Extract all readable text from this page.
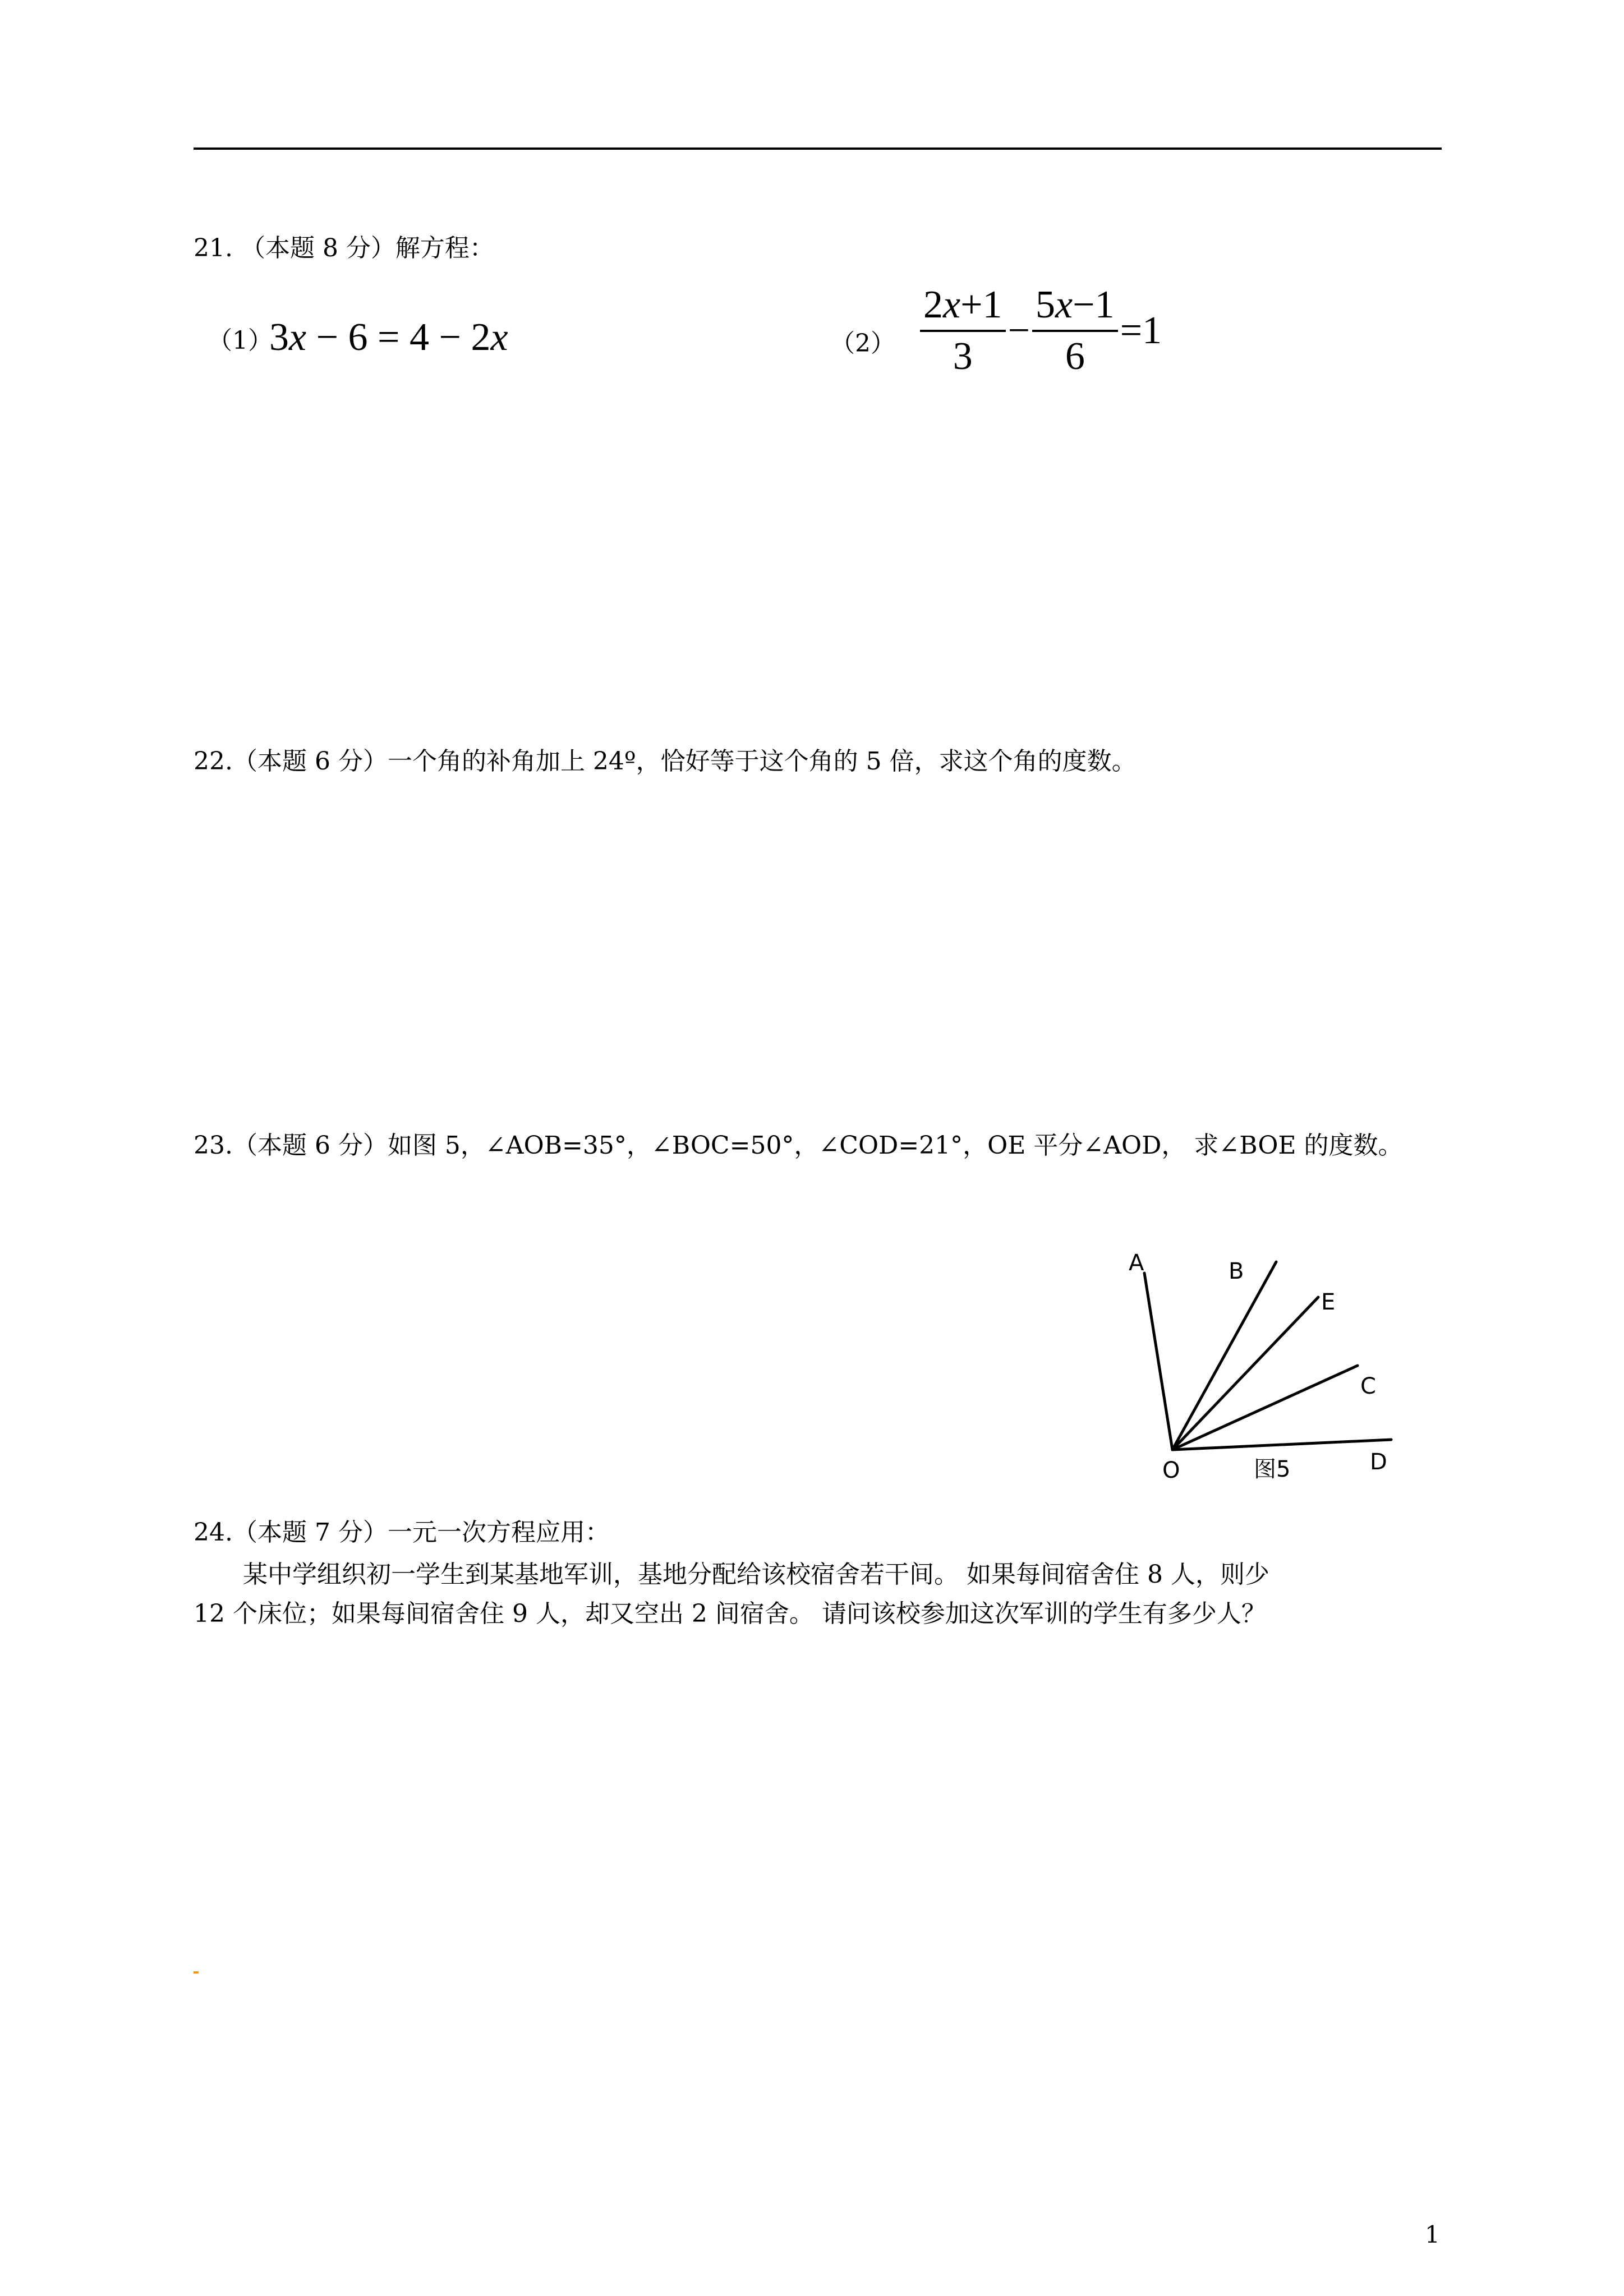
21. （本题 8 分）解方程：
（1）
3x − 6 = 4 − 2x	$(2) \frac{2x+1}{3} - \frac{5x-1}{6} =1$
22.（本题 6 分）一个角的补角加上 24º，恰好等于这个角的 5 倍，求这个角的度数。
23.（本题 6 分）如图 5，∠AOB=35°，∠BOC=50°，∠COD=21°，OE 平分∠AOD， 求∠BOE 的度数。
A	B
E
C
O	D
图5
24.（本题 7 分）一元一次方程应用：
某中学组织初一学生到某基地军训，基地分配给该校宿舍若干间。 如果每间宿舍住 8 人，则少
12 个床位；如果每间宿舍住 9 人，却又空出 2 间宿舍。 请问该校参加这次军训的学生有多少人？
1
